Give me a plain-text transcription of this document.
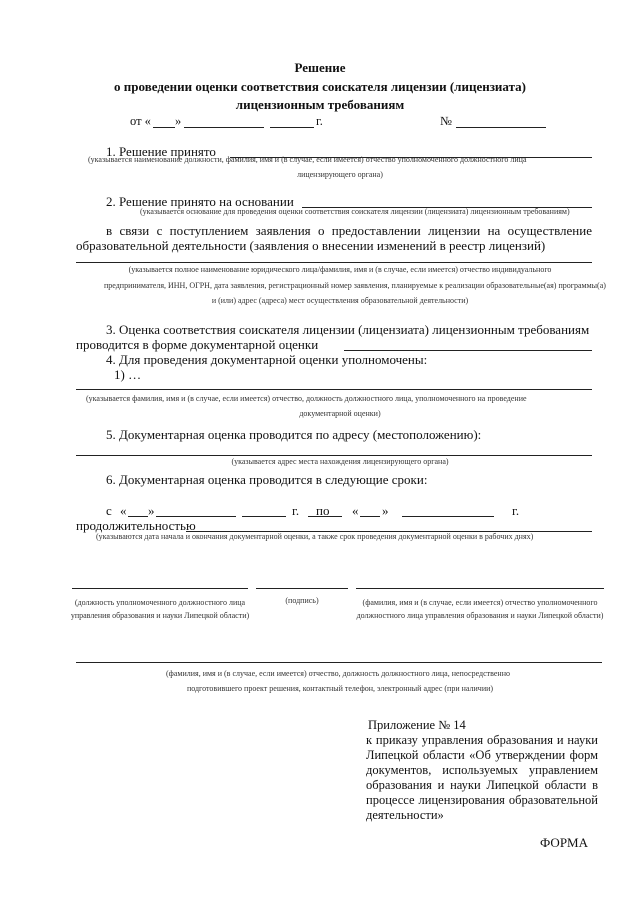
Решение
о проведении оценки соответствия соискателя лицензии (лицензиата)
лицензионным требованиям
от « »	г.	№
1. Решение принято
(указывается наименование должности, фамилия, имя и (в случае, если имеется) отчество уполномоченного должностного лица
лицензирующего органа)
2. Решение принято на основании
(указывается основание для проведения оценки соответствия соискателя лицензии (лицензиата) лицензионным требованиям)
в связи с поступлением заявления о предоставлении лицензии на осуществление
образовательной деятельности (заявления о внесении изменений в реестр лицензий)
(указывается полное наименование юридического лица/фамилия, имя и (в случае, если имеется) отчество индивидуального
предпринимателя, ИНН, ОГРН, дата заявления, регистрационный номер заявления, планируемые к реализации образовательные(ая) программы(а)
и (или) адрес (адреса) мест осуществления образовательной деятельности)
3. Оценка соответствия соискателя лицензии (лицензиата) лицензионным требованиям
проводится в форме документарной оценки
4. Для проведения документарной оценки уполномочены:
1) …
(указывается фамилия, имя и (в случае, если имеется) отчество, должность должностного лица, уполномоченного на проведение
документарной оценки)
5. Документарная оценка проводится по адресу (местоположению):
(указывается адрес места нахождения лицензирующего органа)
6. Документарная оценка проводится в следующие сроки:
с « »	г. по « »	г.
продолжительностью
(указываются дата начала и окончания документарной оценки, а также срок проведения документарной оценки в рабочих днях)
(должность уполномоченного должностного лица управления образования и науки Липецкой области)
(подпись)	(фамилия, имя и (в случае, если имеется) отчество уполномоченного должностного лица управления образования и науки Липецкой области)
(фамилия, имя и (в случае, если имеется) отчество, должность должностного лица, непосредственно
подготовившего проект решения, контактный телефон, электронный адрес (при наличии)
Приложение № 14
к приказу управления образования и науки
Липецкой области «Об утверждении форм
документов, используемых управлением
образования и науки Липецкой области в
процессе лицензирования образовательной
деятельности»
ФОРМА
